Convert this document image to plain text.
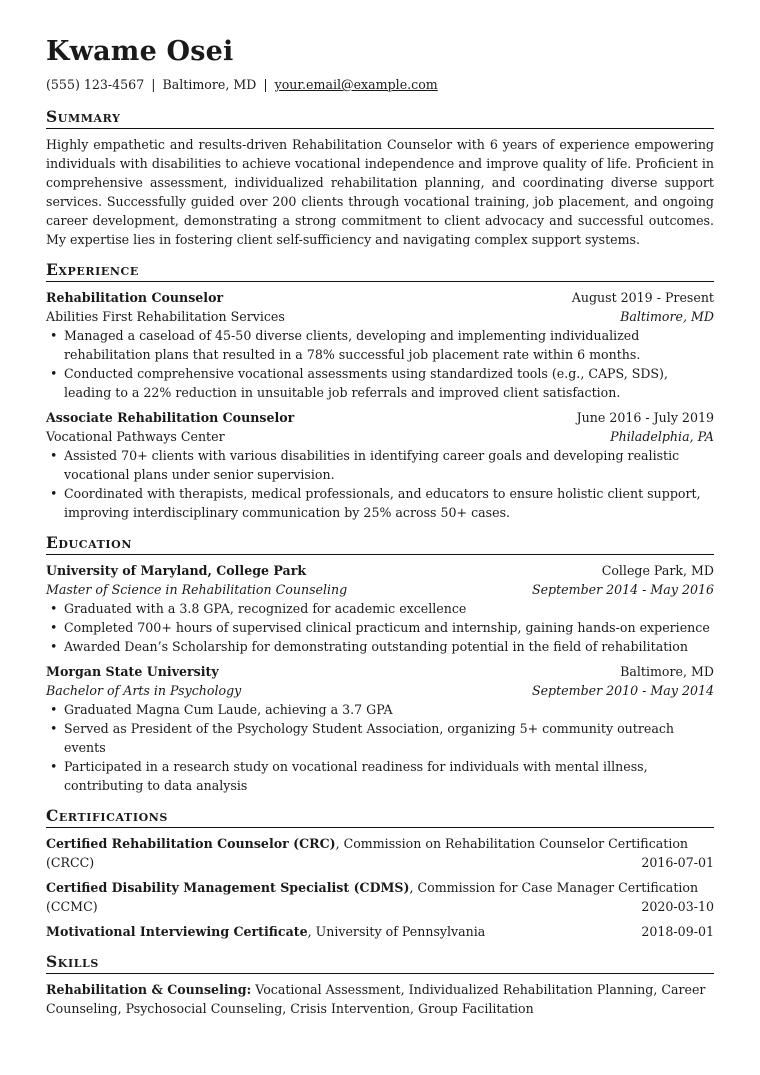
Kwame Osei
(555) 123-4567 | Baltimore, MD | your.email@example.com
Summary
Highly empathetic and results-driven Rehabilitation Counselor with 6 years of experience empowering individuals with disabilities to achieve vocational independence and improve quality of life. Proficient in comprehensive assessment, individualized rehabilitation planning, and coordinating diverse support services. Successfully guided over 200 clients through vocational training, job placement, and ongoing career development, demonstrating a strong commitment to client advocacy and successful outcomes. My expertise lies in fostering client self-sufficiency and navigating complex support systems.
Experience
Rehabilitation Counselor	August 2019 - Present
Abilities First Rehabilitation Services	Baltimore, MD
• Managed a caseload of 45-50 diverse clients, developing and implementing individualized rehabilitation plans that resulted in a 78% successful job placement rate within 6 months.
• Conducted comprehensive vocational assessments using standardized tools (e.g., CAPS, SDS), leading to a 22% reduction in unsuitable job referrals and improved client satisfaction.
Associate Rehabilitation Counselor	June 2016 - July 2019
Vocational Pathways Center	Philadelphia, PA
• Assisted 70+ clients with various disabilities in identifying career goals and developing realistic vocational plans under senior supervision.
• Coordinated with therapists, medical professionals, and educators to ensure holistic client support, improving interdisciplinary communication by 25% across 50+ cases.
Education
University of Maryland, College Park	College Park, MD
Master of Science in Rehabilitation Counseling	September 2014 - May 2016
• Graduated with a 3.8 GPA, recognized for academic excellence
• Completed 700+ hours of supervised clinical practicum and internship, gaining hands-on experience
• Awarded Dean’s Scholarship for demonstrating outstanding potential in the field of rehabilitation
Morgan State University	Baltimore, MD
Bachelor of Arts in Psychology	September 2010 - May 2014
• Graduated Magna Cum Laude, achieving a 3.7 GPA
• Served as President of the Psychology Student Association, organizing 5+ community outreach events
• Participated in a research study on vocational readiness for individuals with mental illness, contributing to data analysis
Certifications
Certified Rehabilitation Counselor (CRC), Commission on Rehabilitation Counselor Certification
(CRCC)	2016-07-01
Certified Disability Management Specialist (CDMS), Commission for Case Manager Certification
(CCMC)	2020-03-10
Motivational Interviewing Certificate, University of Pennsylvania	2018-09-01
Skills
Rehabilitation & Counseling: Vocational Assessment, Individualized Rehabilitation Planning, Career Counseling, Psychosocial Counseling, Crisis Intervention, Group Facilitation
